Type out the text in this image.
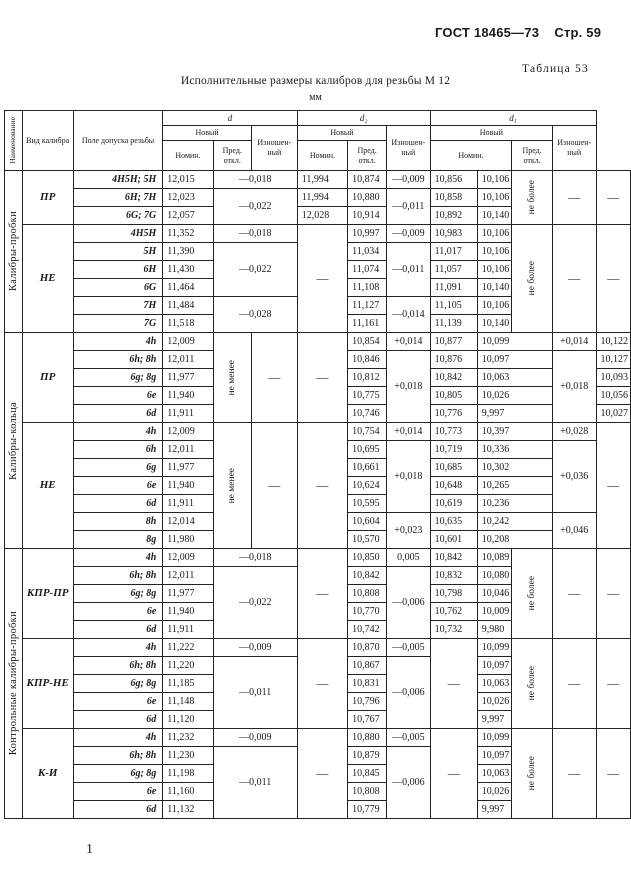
ГОСТ 18465—73 Стр. 59
Таблица 53
Исполнительные размеры калибров для резьбы М 12
мм
Наименование	Вид калибра	Поле допуска резьбы	d			d₂			d₁				
			Новый		Изношен-ный	Новый		Изношен-ный	Новый			Изношен-ный	
			Номин.	Пред. откл.		Номин.	Пред. откл.		Номин.		Пред. откл.		

Калибры-пробки	ПР	4H5H; 5H	12,015	—0,018		11,994	10,874	—0,009	10,856	10,106	не более	—	—
		6H; 7H	12,023	—0,022		11,994	10,880	—0,011	10,858	10,106			
		6G; 7G	12,057			12,028	10,914		10,892	10,140			
	НЕ	4H5H	11,352	—0,018		—	10,997	—0,009	10,983	10,106	не более	—	—
		5H	11,390	—0,022			11,034	—0,011	11,017	10,106			
		6H	11,430				11,074		11,057	10,106			
		6G	11,464				11,108		11,091	10,140			
		7H	11,484	—0,028			11,127	—0,014	11,105	10,106			
		7G	11,518				11,161		11,139	10,140			

Калибры-кольца	ПР	4h	12,009	не менее	—	—	10,854	+0,014	10,877	10,099		+0,014	10,122
		6h; 8h	12,011				10,846	+0,018	10,876	10,097		+0,018	10,127
		6g; 8g	11,977				10,812		10,842	10,063			10,093
		6e	11,940				10,775		10,805	10,026			10,056
		6d	11,911				10,746		10,776	9,997			10,027
	НЕ	4h	12,009	не менее	—	—	10,754	+0,014	10,773	10,397		+0,028	—
		6h	12,011				10,695	+0,018	10,719	10,336		+0,036	
		6g	11,977				10,661		10,685	10,302			
		6e	11,940				10,624		10,648	10,265			
		6d	11,911				10,595		10,619	10,236			
		8h	12,014				10,604	+0,023	10,635	10,242		+0,046	
		8g	11,980				10,570		10,601	10,208			

Контрольные калибры-пробки	КПР-ПР	4h	12,009	—0,018		—	10,850	0,005	10,842	10,089	не более	—	—
		6h; 8h	12,011	—0,022			10,842	—0,006	10,832	10,080			
		6g; 8g	11,977				10,808		10,798	10,046			
		6e	11,940				10,770		10,762	10,009			
		6d	11,911				10,742		10,732	9,980			
	КПР-НЕ	4h	11,222	—0,009		—	10,870	—0,005	—	10,099	не более	—	—
		6h; 8h	11,220	—0,011			10,867	—0,006		10,097			
		6g; 8g	11,185				10,831			10,063			
		6e	11,148				10,796			10,026			
		6d	11,120				10,767			9,997			
	К-И	4h	11,232	—0,009		—	10,880	—0,005	—	10,099	не более	—	—
		6h; 8h	11,230	—0,011			10,879	—0,006		10,097			
		6g; 8g	11,198				10,845			10,063			
		6e	11,160				10,808			10,026			
		6d	11,132				10,779			9,997			
1
